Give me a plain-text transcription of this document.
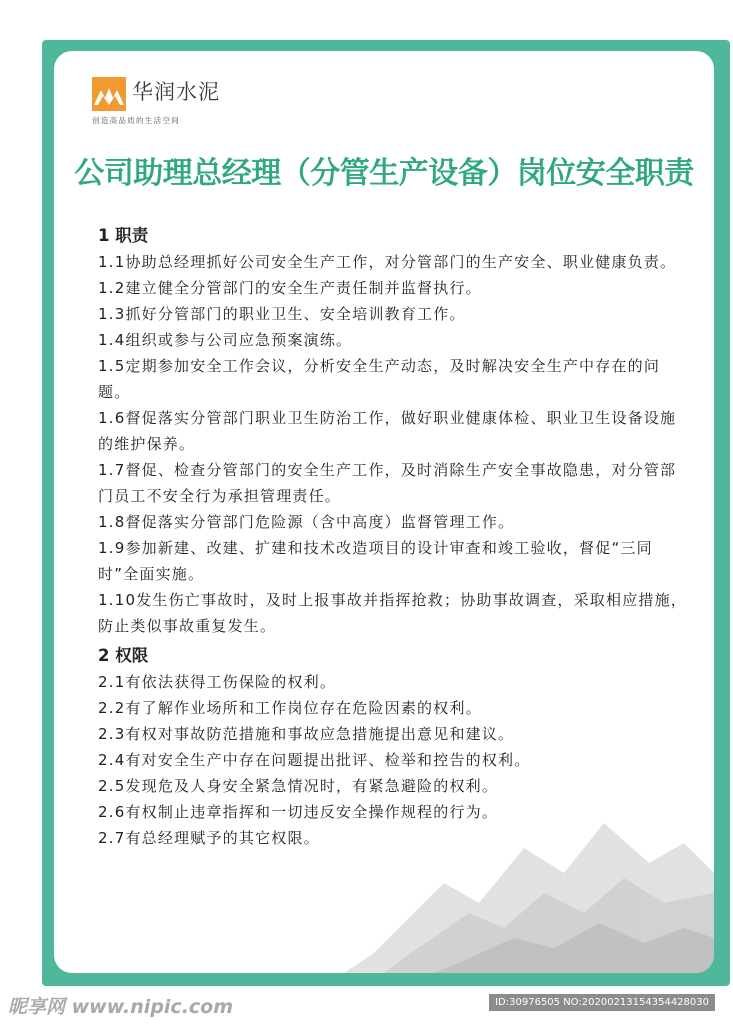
华润水泥
创造高品质的生活空间
公司助理总经理（分管生产设备）岗位安全职责
1 职责
1.1协助总经理抓好公司安全生产工作，对分管部门的生产安全、职业健康负责。
1.2建立健全分管部门的安全生产责任制并监督执行。
1.3抓好分管部门的职业卫生、安全培训教育工作。
1.4组织或参与公司应急预案演练。
1.5定期参加安全工作会议，分析安全生产动态，及时解决安全生产中存在的问题。
1.6督促落实分管部门职业卫生防治工作，做好职业健康体检、职业卫生设备设施的维护保养。
1.7督促、检查分管部门的安全生产工作，及时消除生产安全事故隐患，对分管部门员工不安全行为承担管理责任。
1.8督促落实分管部门危险源（含中高度）监督管理工作。
1.9参加新建、改建、扩建和技术改造项目的设计审查和竣工验收，督促“三同时”全面实施。
1.10发生伤亡事故时，及时上报事故并指挥抢救；协助事故调查，采取相应措施，防止类似事故重复发生。
2 权限
2.1有依法获得工伤保险的权利。
2.2有了解作业场所和工作岗位存在危险因素的权利。
2.3有权对事故防范措施和事故应急措施提出意见和建议。
2.4有对安全生产中存在问题提出批评、检举和控告的权利。
2.5发现危及人身安全紧急情况时，有紧急避险的权利。
2.6有权制止违章指挥和一切违反安全操作规程的行为。
2.7有总经理赋予的其它权限。
昵享网 www.nipic.com	ID:30976505 NO:20200213154354428030
